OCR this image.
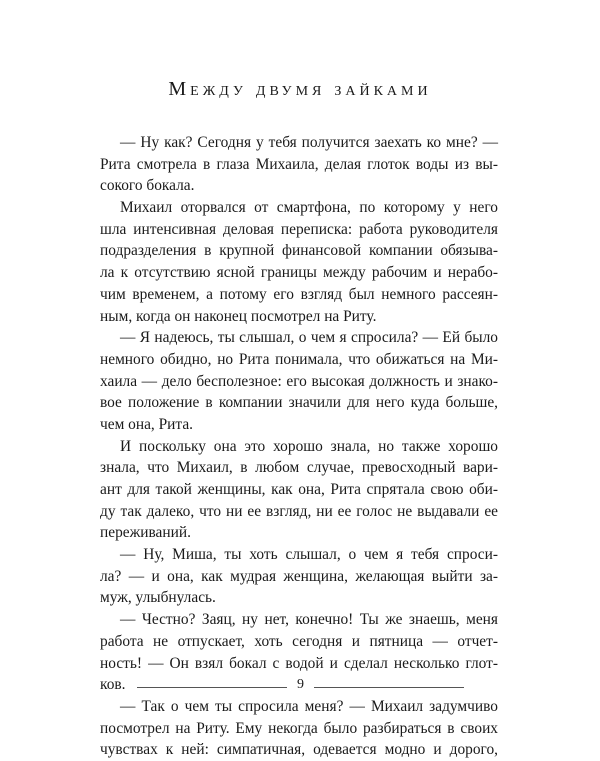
Между двумя зайками
— Ну как? Сегодня у тебя получится заехать ко мне? —
Рита смотрела в глаза Михаила, делая глоток воды из вы-
сокого бокала.
Михаил оторвался от смартфона, по которому у него
шла интенсивная деловая переписка: работа руководителя
подразделения в крупной финансовой компании обязыва-
ла к отсутствию ясной границы между рабочим и нерабо-
чим временем, а потому его взгляд был немного рассеян-
ным, когда он наконец посмотрел на Риту.
— Я надеюсь, ты слышал, о чем я спросила? — Ей было
немного обидно, но Рита понимала, что обижаться на Ми-
хаила — дело бесполезное: его высокая должность и знако-
вое положение в компании значили для него куда больше,
чем она, Рита.
И поскольку она это хорошо знала, но также хорошо
знала, что Михаил, в любом случае, превосходный вари-
ант для такой женщины, как она, Рита спрятала свою оби-
ду так далеко, что ни ее взгляд, ни ее голос не выдавали ее
переживаний.
— Ну, Миша, ты хоть слышал, о чем я тебя спроси-
ла? — и она, как мудрая женщина, желающая выйти за-
муж, улыбнулась.
— Честно? Заяц, ну нет, конечно! Ты же знаешь, меня
работа не отпускает, хоть сегодня и пятница — отчет-
ность! — Он взял бокал с водой и сделал несколько глот-
ков.
— Так о чем ты спросила меня? — Михаил задумчиво
посмотрел на Риту. Ему некогда было разбираться в своих
чувствах к ней: симпатичная, одевается модно и дорого,
9
